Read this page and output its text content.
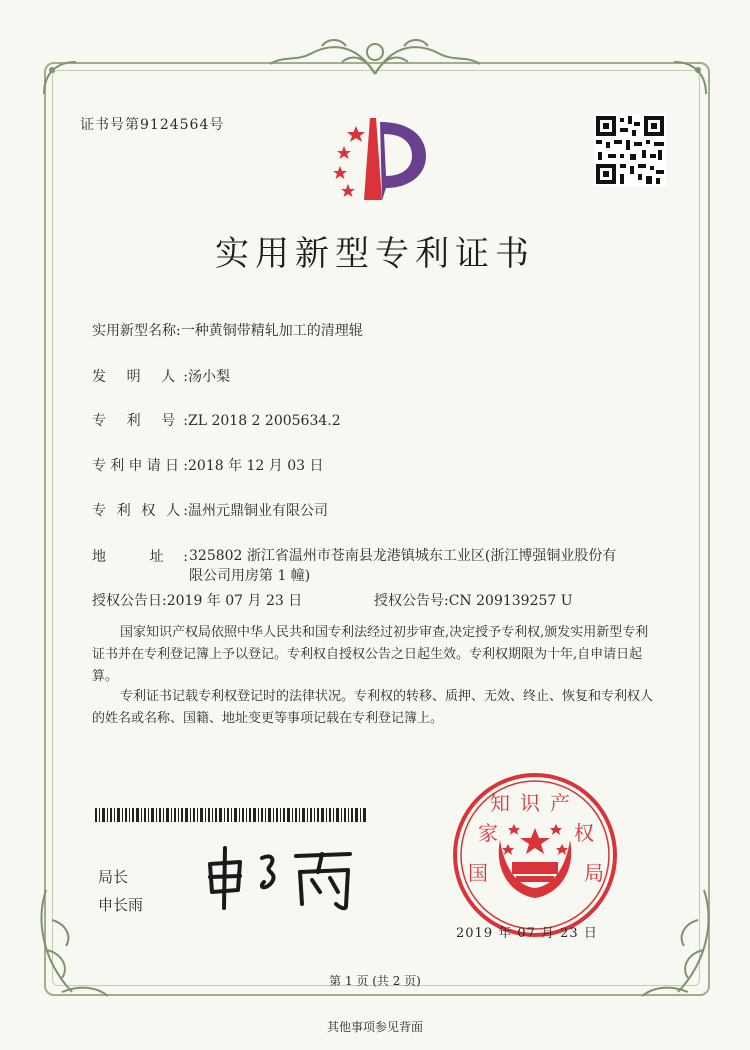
证书号第9124564号
实用新型专利证书
实用新型名称:一种黄铜带精轧加工的清理辊
发 明 人:汤小梨
专 利 号:ZL 2018 2 2005634.2
专利申请日:2018 年 12 月 03 日
专 利 权 人:温州元鼎铜业有限公司
地 址: 325802 浙江省温州市苍南县龙港镇城东工业区(浙江博强铜业股份有限公司用房第 1 幢)
授权公告日:2019 年 07 月 23 日	授权公告号:CN 209139257 U

国家知识产权局依照中华人民共和国专利法经过初步审查,决定授予专利权,颁发实用新型专利证书并在专利登记簿上予以登记。专利权自授权公告之日起生效。专利权期限为十年,自申请日起算。

专利证书记载专利权登记时的法律状况。专利权的转移、质押、无效、终止、恢复和专利权人的姓名或名称、国籍、地址变更等事项记载在专利登记簿上。

局长
申长雨
知识产
国
家	权
局
2019 年 07 月 23 日
第 1 页 (共 2 页)
其他事项参见背面
